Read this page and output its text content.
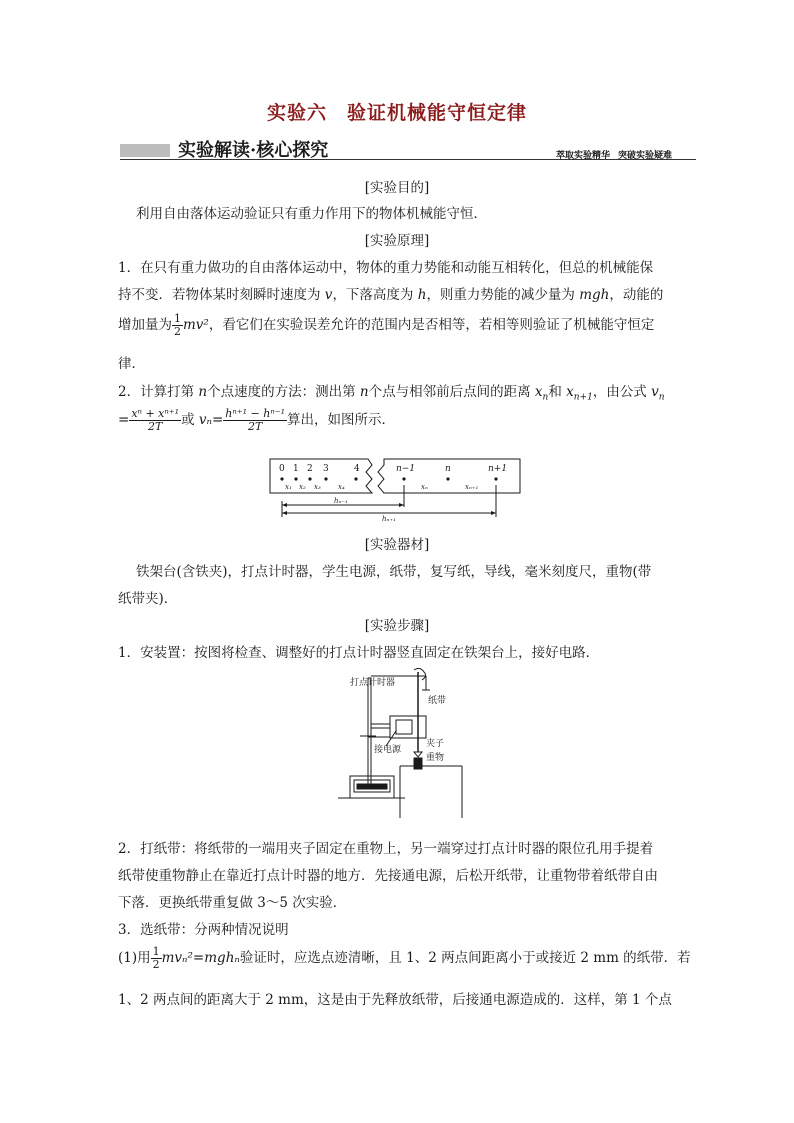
实验六 验证机械能守恒定律
实验解读·核心探究	萃取实验精华 突破实验疑难
[实验目的]
利用自由落体运动验证只有重力作用下的物体机械能守恒．
[实验原理]
1．在只有重力做功的自由落体运动中，物体的重力势能和动能互相转化，但总的机械能保
持不变．若物体某时刻瞬时速度为 v，下落高度为 h，则重力势能的减少量为 mgh，动能的
增加量为 $\frac{1}{2} mv^2$，看它们在实验误差允许的范围内是否相等，若相等则验证了机械能守恒定
律．
2．计算打第 n个点速度的方法：测出第 n个点与相邻前后点间的距离 $x_n$和 $x_{n+1}$，由公式 $v_n$
= $\frac{\text{xⁿ + xⁿ⁺¹}}{2T}$ 或 $v_n= \frac{\text{hⁿ⁺¹ − hⁿ⁻¹}}{2T}$ 算出，如图所示．
0 1 2 3	4
x₁ x₂ x₃ x₄
n−1	n	n+1
xₙ	xₙ₊₁
hₙ₋₁
hₙ₊₁
[实验器材]
铁架台(含铁夹)，打点计时器，学生电源，纸带，复写纸，导线，毫米刻度尺，重物(带
纸带夹)．
[实验步骤]
1．安装置：按图将检查、调整好的打点计时器竖直固定在铁架台上，接好电路．
打点计时器
纸带
接电源
夹子
重物
2．打纸带：将纸带的一端用夹子固定在重物上，另一端穿过打点计时器的限位孔用手提着
纸带使重物静止在靠近打点计时器的地方．先接通电源，后松开纸带，让重物带着纸带自由
下落．更换纸带重复做 3～5 次实验．
3．选纸带：分两种情况说明
(1)用 $\frac{1}{2} mv_n^2=mgh_n$验证时，应选点迹清晰，且 1、2 两点间距离小于或接近 2 mm 的纸带．若
1、2 两点间的距离大于 2 mm，这是由于先释放纸带，后接通电源造成的．这样，第 1 个点
